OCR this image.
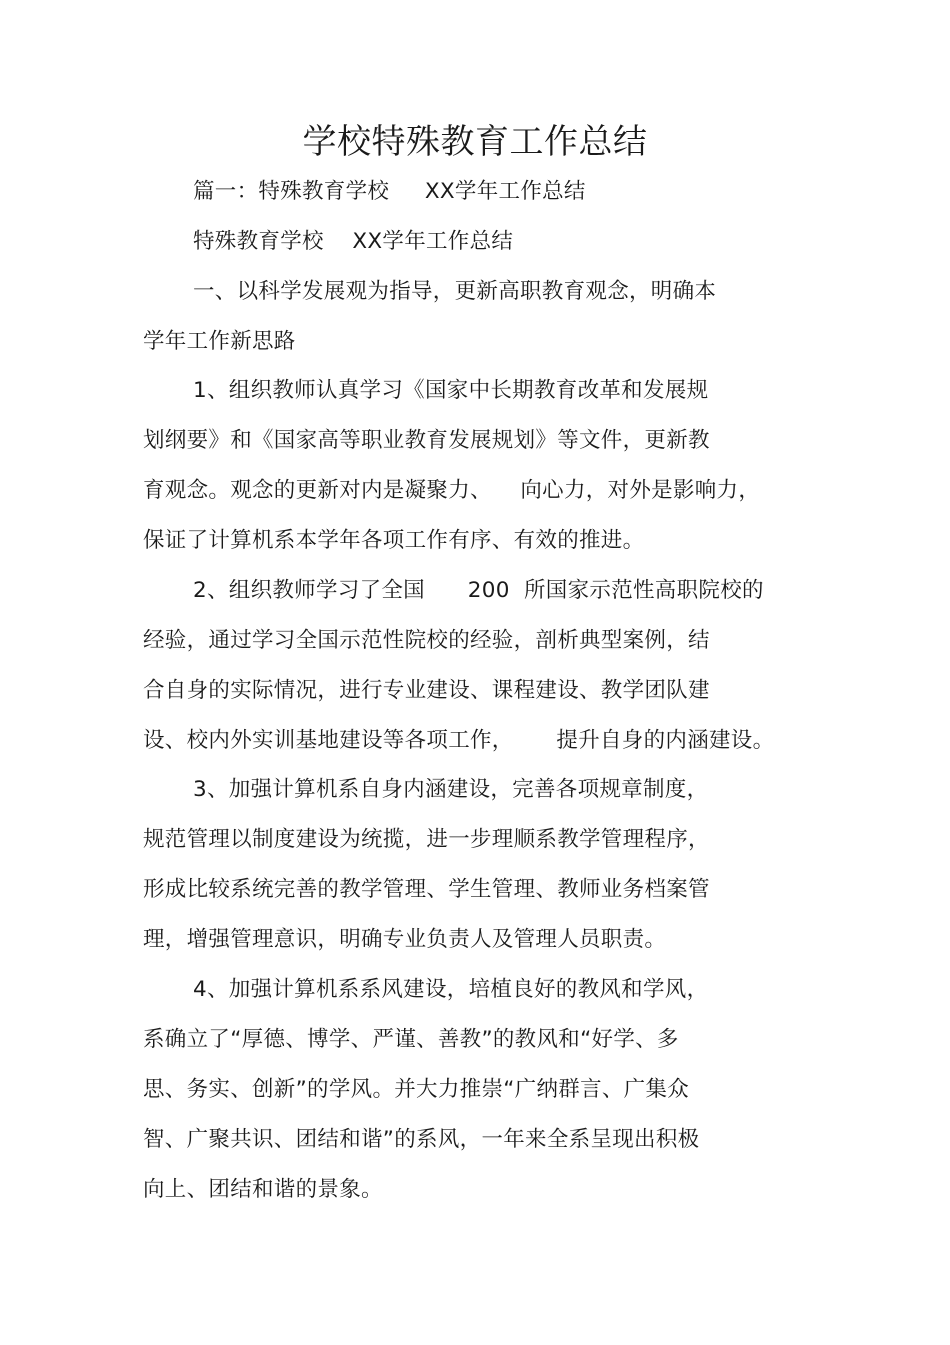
学校特殊教育工作总结
篇一：特殊教育学校     XX学年工作总结
特殊教育学校    XX学年工作总结
一、以科学发展观为指导，更新高职教育观念，明确本
学年工作新思路
1、组织教师认真学习《国家中长期教育改革和发展规
划纲要》和《国家高等职业教育发展规划》等文件，更新教
育观念。观念的更新对内是凝聚力、    向心力，对外是影响力，
保证了计算机系本学年各项工作有序、有效的推进。
2、组织教师学习了全国      200  所国家示范性高职院校的
经验，通过学习全国示范性院校的经验，剖析典型案例，结
合自身的实际情况，进行专业建设、课程建设、教学团队建
设、校内外实训基地建设等各项工作，      提升自身的内涵建设。
3、加强计算机系自身内涵建设，完善各项规章制度，
规范管理以制度建设为统揽，进一步理顺系教学管理程序，
形成比较系统完善的教学管理、学生管理、教师业务档案管
理，增强管理意识，明确专业负责人及管理人员职责。
4、加强计算机系系风建设，培植良好的教风和学风，
系确立了“厚德、博学、严谨、善教”的教风和“好学、多
思、务实、创新”的学风。并大力推崇“广纳群言、广集众
智、广聚共识、团结和谐”的系风，一年来全系呈现出积极
向上、团结和谐的景象。
